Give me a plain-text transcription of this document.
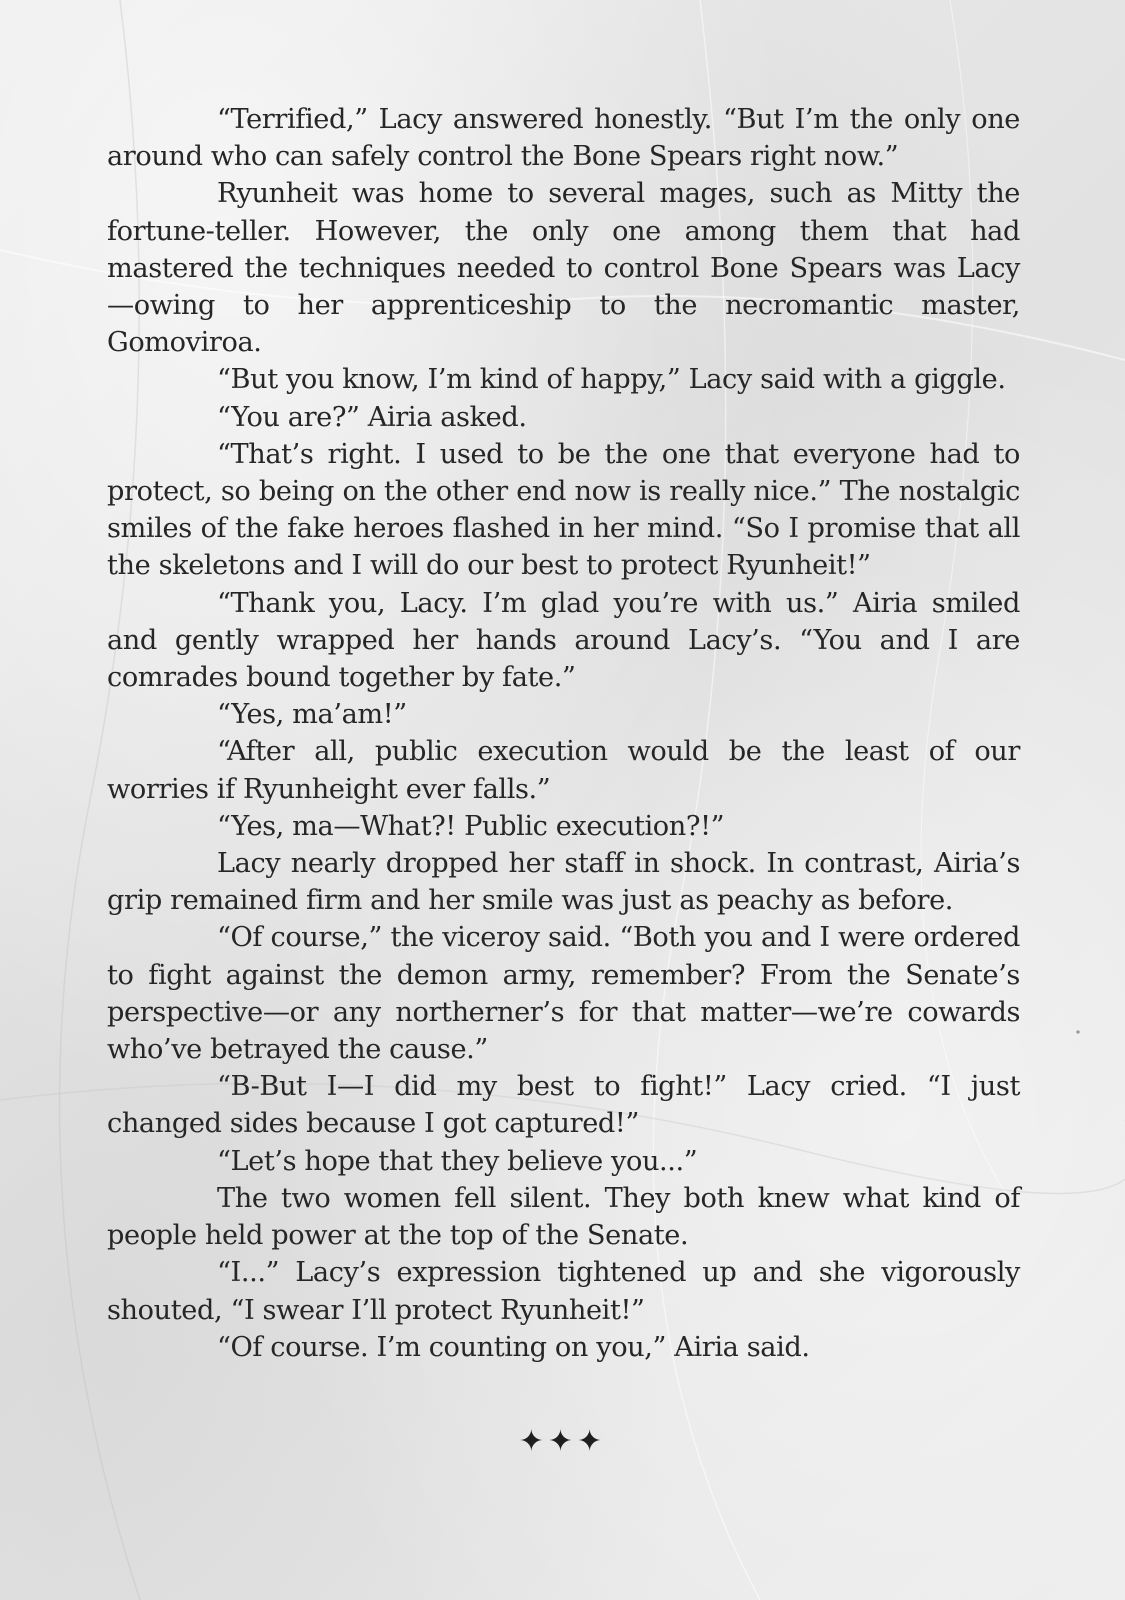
“Terrified,” Lacy answered honestly. “But I’m the only one around who can safely control the Bone Spears right now.”

Ryunheit was home to several mages, such as Mitty the fortune-teller. However, the only one among them that had mastered the techniques needed to control Bone Spears was Lacy—owing to her apprenticeship to the necromantic master, Gomoviroa.

“But you know, I’m kind of happy,” Lacy said with a giggle.

“You are?” Airia asked.

“That’s right. I used to be the one that everyone had to protect, so being on the other end now is really nice.” The nostalgic smiles of the fake heroes flashed in her mind. “So I promise that all the skeletons and I will do our best to protect Ryunheit!”

“Thank you, Lacy. I’m glad you’re with us.” Airia smiled and gently wrapped her hands around Lacy’s. “You and I are comrades bound together by fate.”

“Yes, ma’am!”

“After all, public execution would be the least of our worries if Ryunheight ever falls.”

“Yes, ma—What?! Public execution?!”

Lacy nearly dropped her staff in shock. In contrast, Airia’s grip remained firm and her smile was just as peachy as before.

“Of course,” the viceroy said. “Both you and I were ordered to fight against the demon army, remember? From the Senate’s perspective—or any northerner’s for that matter—we’re cowards who’ve betrayed the cause.”

“B-But I—I did my best to fight!” Lacy cried. “I just changed sides because I got captured!”

“Let’s hope that they believe you...”

The two women fell silent. They both knew what kind of people held power at the top of the Senate.

“I...” Lacy’s expression tightened up and she vigorously shouted, “I swear I’ll protect Ryunheit!”

“Of course. I’m counting on you,” Airia said.

✦✦✦
